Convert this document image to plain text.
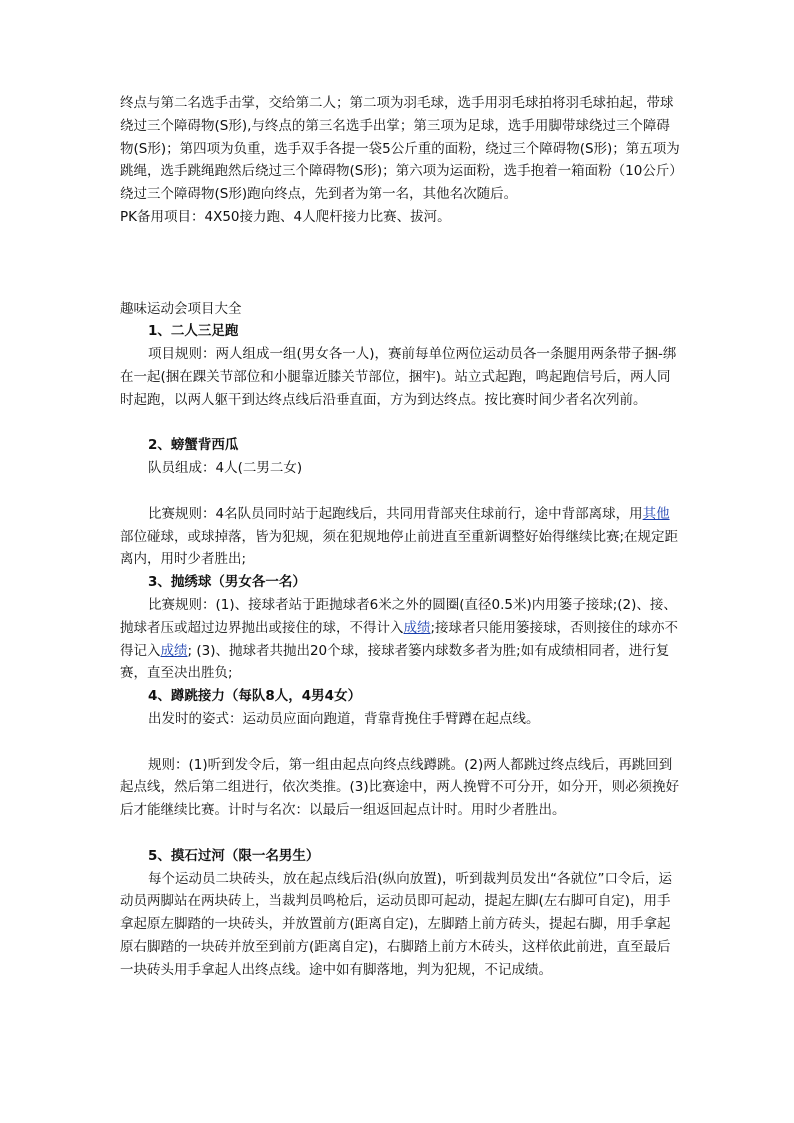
终点与第二名选手击掌，交给第二人；第二项为羽毛球，选手用羽毛球拍将羽毛球拍起，带球绕过三个障碍物(S形),与终点的第三名选手出掌；第三项为足球，选手用脚带球绕过三个障碍物(S形)；第四项为负重，选手双手各提一袋5公斤重的面粉，绕过三个障碍物(S形)；第五项为跳绳，选手跳绳跑然后绕过三个障碍物(S形)；第六项为运面粉，选手抱着一箱面粉（10公斤）绕过三个障碍物(S形)跑向终点，先到者为第一名，其他名次随后。

PK备用项目：4X50接力跑、4人爬杆接力比赛、拔河。

趣味运动会项目大全

1、二人三足跑

项目规则：两人组成一组(男女各一人)，赛前每单位两位运动员各一条腿用两条带子捆-绑在一起(捆在踝关节部位和小腿靠近膝关节部位，捆牢)。站立式起跑，鸣起跑信号后，两人同时起跑，以两人躯干到达终点线后沿垂直面，方为到达终点。按比赛时间少者名次列前。

2、螃蟹背西瓜

队员组成：4人(二男二女)

比赛规则：4名队员同时站于起跑线后，共同用背部夹住球前行，途中背部离球，用其他部位碰球，或球掉落，皆为犯规，须在犯规地停止前进直至重新调整好始得继续比赛;在规定距离内，用时少者胜出;

3、抛绣球（男女各一名）

比赛规则：(1)、接球者站于距抛球者6米之外的圆圈(直径0.5米)内用篓子接球;(2)、接、抛球者压或超过边界抛出或接住的球，不得计入成绩;接球者只能用篓接球，否则接住的球亦不得记入成绩; (3)、抛球者共抛出20个球，接球者篓内球数多者为胜;如有成绩相同者，进行复赛，直至决出胜负;

4、蹲跳接力（每队8人，4男4女）

出发时的姿式：运动员应面向跑道，背靠背挽住手臂蹲在起点线。

规则：(1)听到发令后，第一组由起点向终点线蹲跳。(2)两人都跳过终点线后，再跳回到起点线，然后第二组进行，依次类推。(3)比赛途中，两人挽臂不可分开，如分开，则必须挽好后才能继续比赛。计时与名次：以最后一组返回起点计时。用时少者胜出。

5、摸石过河（限一名男生）

每个运动员二块砖头，放在起点线后沿(纵向放置)，听到裁判员发出“各就位”口令后，运动员两脚站在两块砖上，当裁判员鸣枪后，运动员即可起动，提起左脚(左右脚可自定)，用手拿起原左脚踏的一块砖头，并放置前方(距离自定)，左脚踏上前方砖头，提起右脚，用手拿起原右脚踏的一块砖并放至到前方(距离自定)，右脚踏上前方木砖头，这样依此前进，直至最后一块砖头用手拿起人出终点线。途中如有脚落地，判为犯规，不记成绩。
